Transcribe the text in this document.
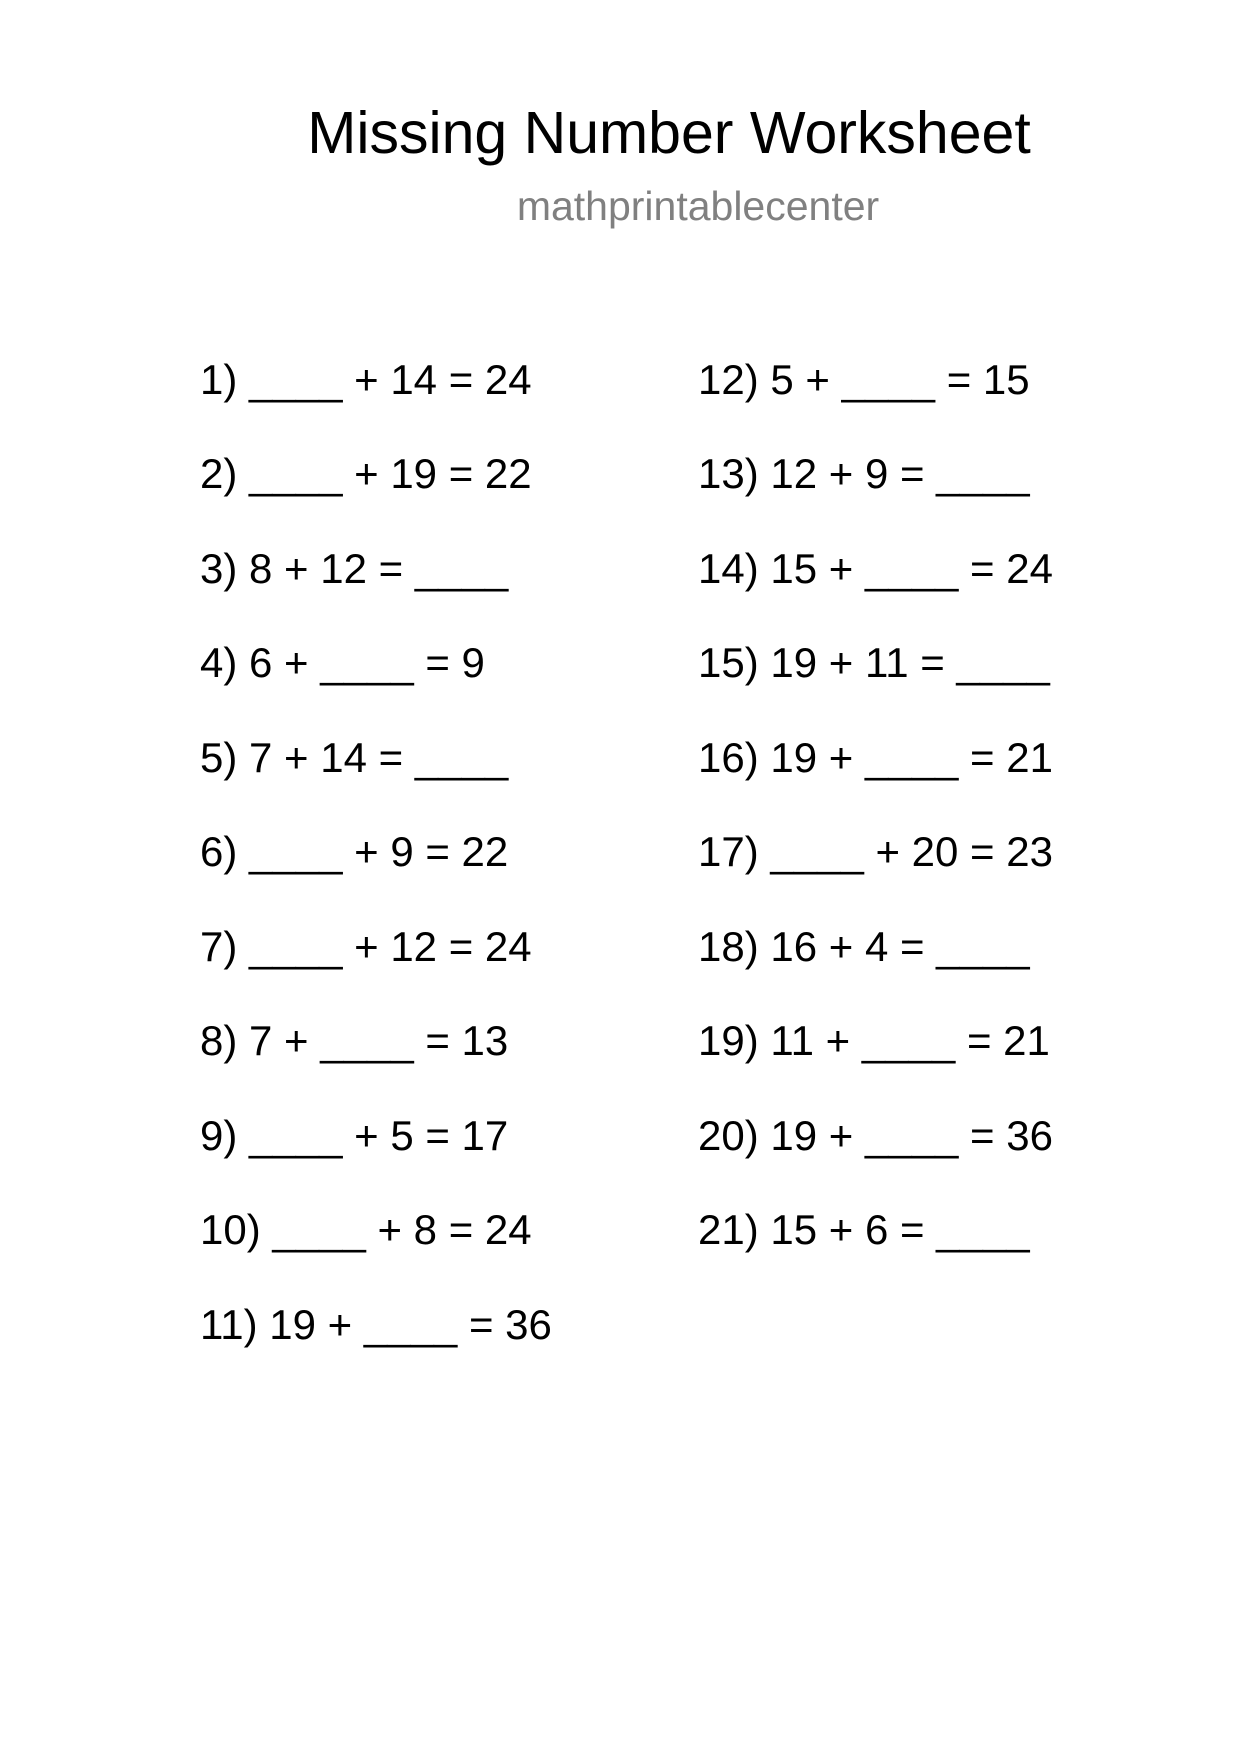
Missing Number Worksheet
mathprintablecenter
1) ____ + 14 = 24
2) ____ + 19 = 22
3) 8 + 12 = ____
4) 6 + ____ = 9
5) 7 + 14 = ____
6) ____ + 9 = 22
7) ____ + 12 = 24
8) 7 + ____ = 13
9) ____ + 5 = 17
10) ____ + 8 = 24
11) 19 + ____ = 36
12) 5 + ____ = 15
13) 12 + 9 = ____
14) 15 + ____ = 24
15) 19 + 11 = ____
16) 19 + ____ = 21
17) ____ + 20 = 23
18) 16 + 4 = ____
19) 11 + ____ = 21
20) 19 + ____ = 36
21) 15 + 6 = ____
